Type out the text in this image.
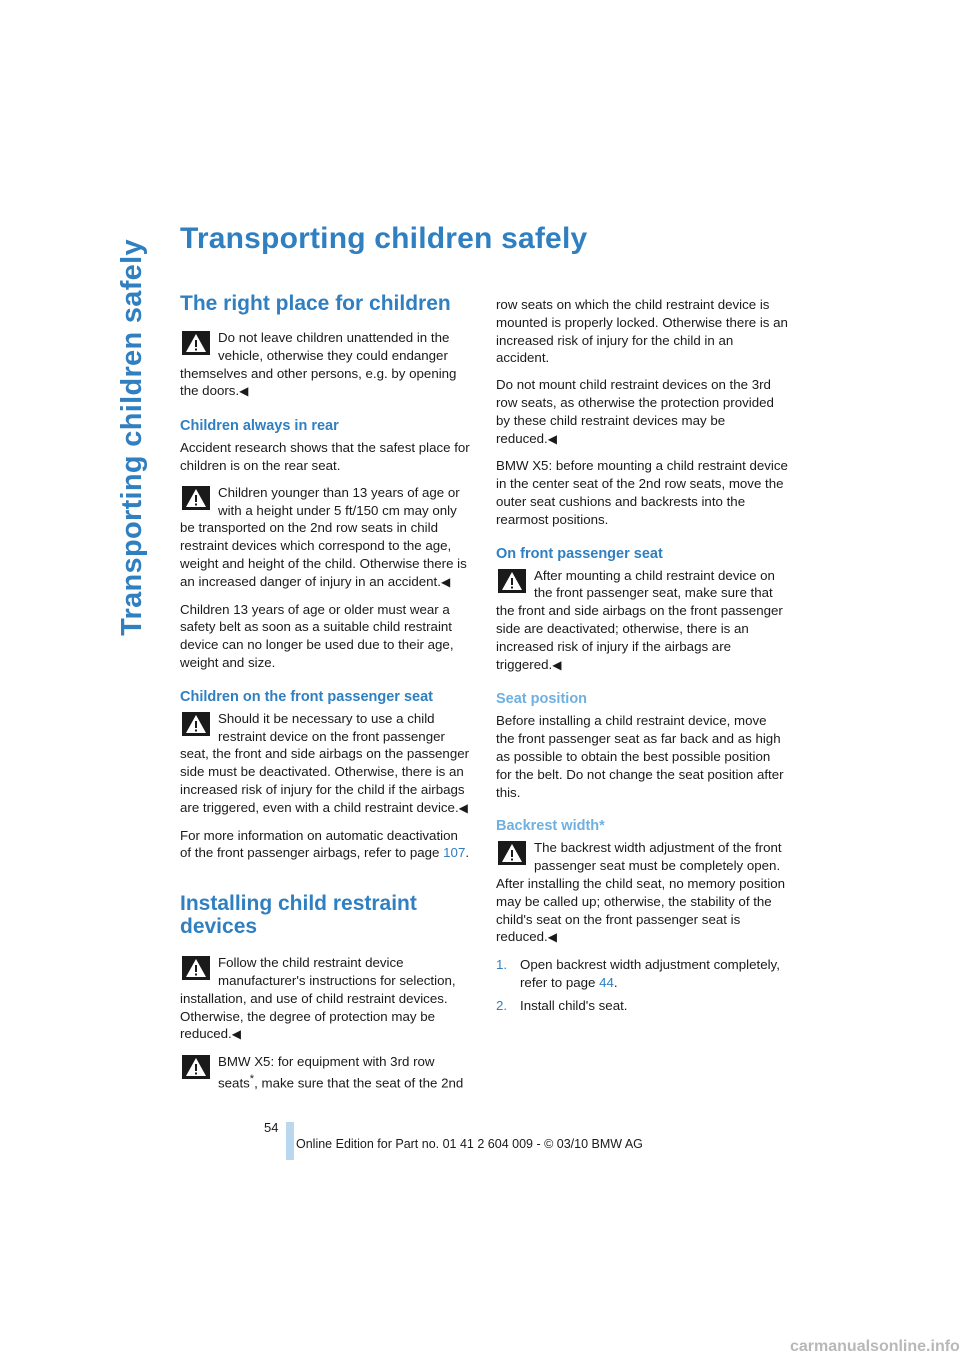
Transporting children safely
Transporting children safely
The right place for children
Do not leave children unattended in the vehicle, otherwise they could endanger themselves and other persons, e.g. by opening the doors.◀
Children always in rear

Accident research shows that the safest place for children is on the rear seat.

Children younger than 13 years of age or with a height under 5 ft/150 cm may only be transported on the 2nd row seats in child restraint devices which correspond to the age, weight and height of the child. Otherwise there is an increased danger of injury in an accident.◀

Children 13 years of age or older must wear a safety belt as soon as a suitable child restraint device can no longer be used due to their age, weight and size.

Children on the front passenger seat
Should it be necessary to use a child restraint device on the front passenger seat, the front and side airbags on the passenger side must be deactivated. Otherwise, there is an increased risk of injury for the child if the airbags are triggered, even with a child restraint device.◀

For more information on automatic deactivation of the front passenger airbags, refer to page 107.

Installing child restraint devices
Follow the child restraint device manufacturer's instructions for selection, installation, and use of child restraint devices. Otherwise, the degree of protection may be reduced.◀
BMW X5: for equipment with 3rd row seats*, make sure that the seat of the 2nd

row seats on which the child restraint device is mounted is properly locked. Otherwise there is an increased risk of injury for the child in an accident.

Do not mount child restraint devices on the 3rd row seats, as otherwise the protection provided by these child restraint devices may be reduced.◀

BMW X5: before mounting a child restraint device in the center seat of the 2nd row seats, move the outer seat cushions and backrests into the rearmost positions.

On front passenger seat
After mounting a child restraint device on the front passenger seat, make sure that the front and side airbags on the front passenger side are deactivated; otherwise, there is an increased risk of injury if the airbags are triggered.◀
Seat position

Before installing a child restraint device, move the front passenger seat as far back and as high as possible to obtain the best possible position for the belt. Do not change the seat position after this.

Backrest width*
The backrest width adjustment of the front passenger seat must be completely open. After installing the child seat, no memory position may be called up; otherwise, the stability of the child's seat on the front passenger seat is reduced.◀
1. Open backrest width adjustment completely, refer to page 44.
2. Install child's seat.
54
Online Edition for Part no. 01 41 2 604 009 - © 03/10 BMW AG
carmanualsonline.info
